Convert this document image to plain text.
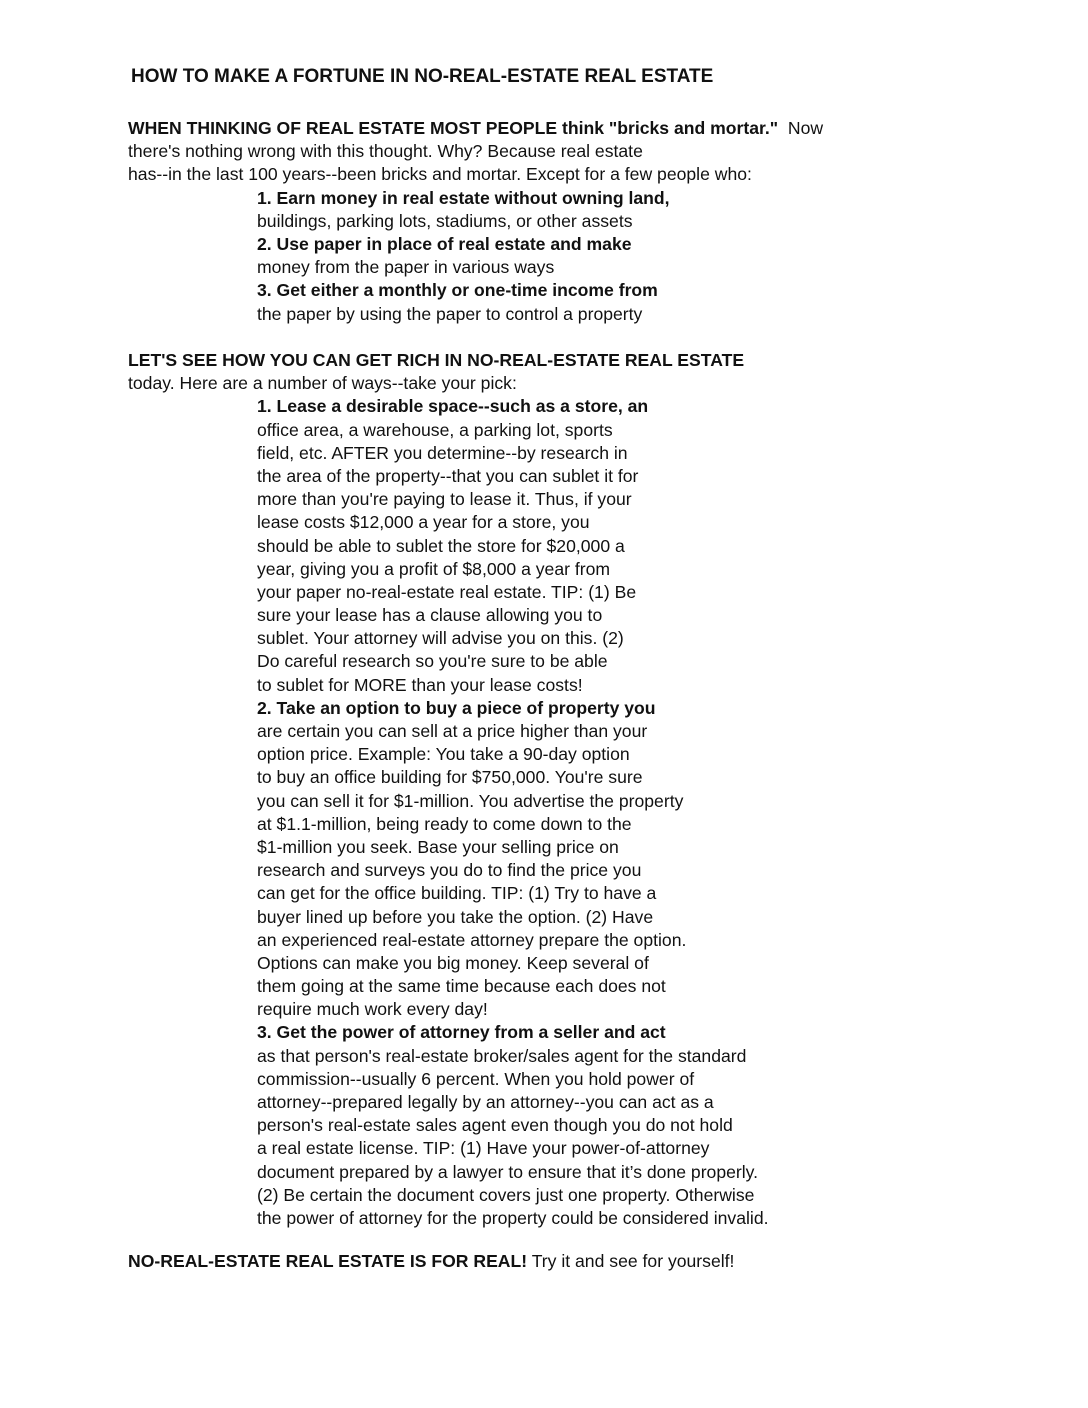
HOW TO MAKE A FORTUNE IN NO-REAL-ESTATE REAL ESTATE
WHEN THINKING OF REAL ESTATE MOST PEOPLE think "bricks and mortar." Now
there's nothing wrong with this thought. Why? Because real estate
has--in the last 100 years--been bricks and mortar. Except for a few people who:
1. Earn money in real estate without owning land,
buildings, parking lots, stadiums, or other assets
2. Use paper in place of real estate and make
money from the paper in various ways
3. Get either a monthly or one-time income from
the paper by using the paper to control a property
LET'S SEE HOW YOU CAN GET RICH IN NO-REAL-ESTATE REAL ESTATE
today. Here are a number of ways--take your pick:
1. Lease a desirable space--such as a store, an
office area, a warehouse, a parking lot, sports
field, etc. AFTER you determine--by research in
the area of the property--that you can sublet it for
more than you're paying to lease it. Thus, if your
lease costs $12,000 a year for a store, you
should be able to sublet the store for $20,000 a
year, giving you a profit of $8,000 a year from
your paper no-real-estate real estate. TIP: (1) Be
sure your lease has a clause allowing you to
sublet. Your attorney will advise you on this. (2)
Do careful research so you're sure to be able
to sublet for MORE than your lease costs!
2. Take an option to buy a piece of property you
are certain you can sell at a price higher than your
option price. Example: You take a 90-day option
to buy an office building for $750,000. You're sure
you can sell it for $1-million. You advertise the property
at $1.1-million, being ready to come down to the
$1-million you seek. Base your selling price on
research and surveys you do to find the price you
can get for the office building. TIP: (1) Try to have a
buyer lined up before you take the option. (2) Have
an experienced real-estate attorney prepare the option.
Options can make you big money. Keep several of
them going at the same time because each does not
require much work every day!
3. Get the power of attorney from a seller and act
as that person's real-estate broker/sales agent for the standard
commission--usually 6 percent. When you hold power of
attorney--prepared legally by an attorney--you can act as a
person's real-estate sales agent even though you do not hold
a real estate license. TIP: (1) Have your power-of-attorney
document prepared by a lawyer to ensure that it’s done properly.
(2) Be certain the document covers just one property. Otherwise
the power of attorney for the property could be considered invalid.
NO-REAL-ESTATE REAL ESTATE IS FOR REAL! Try it and see for yourself!
